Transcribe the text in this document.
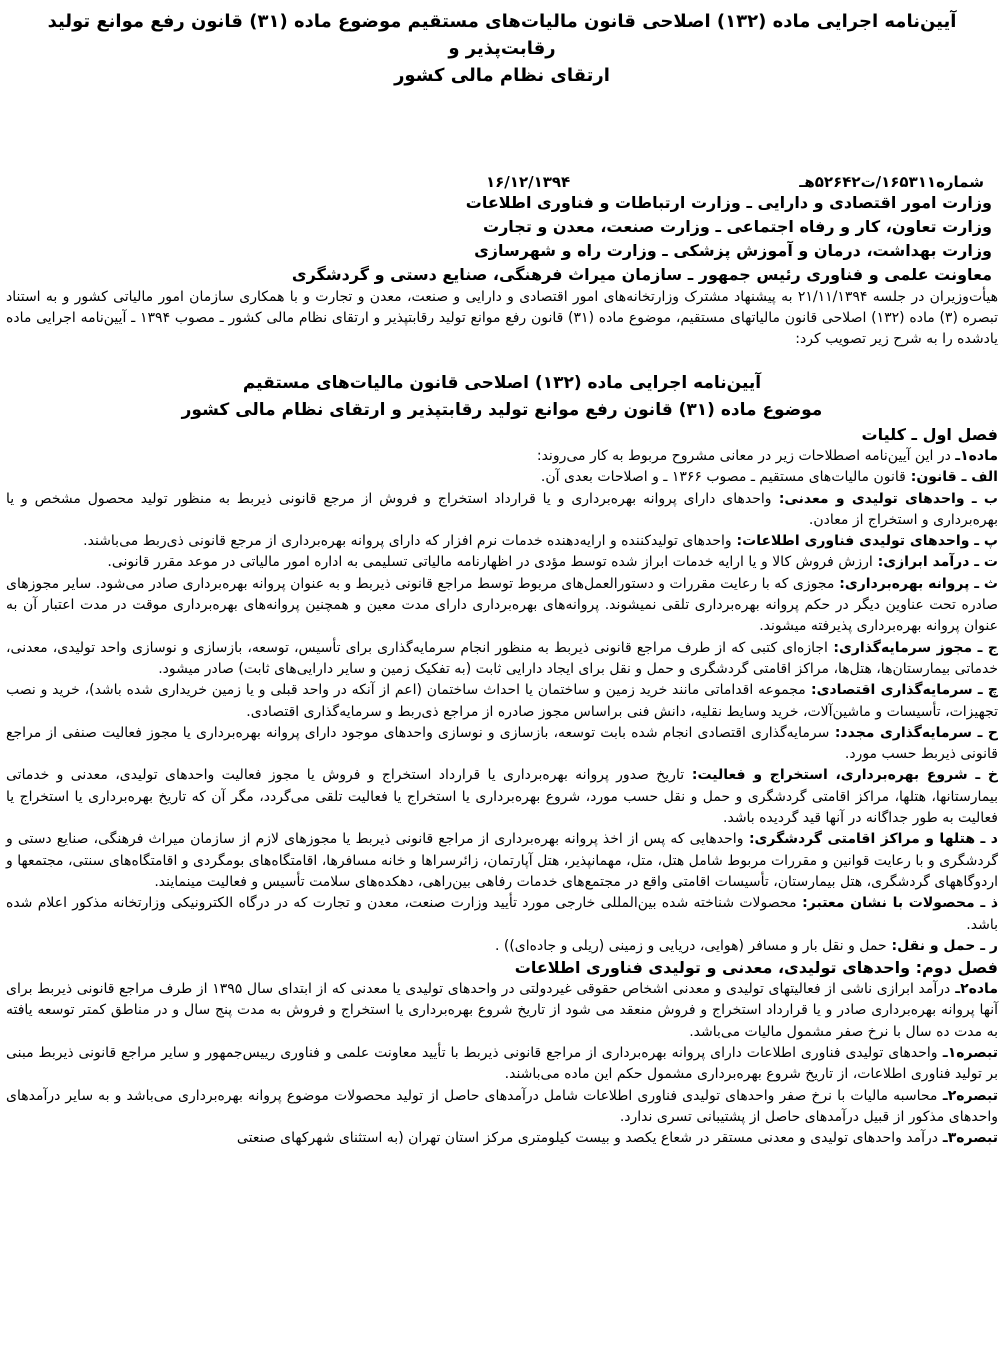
آیین‌نامه اجرایی ماده (۱۳۲) اصلاحی قانون مالیات‌های مستقیم موضوع ماده (۳۱) قانون رفع موانع تولید رقابت‌پذیر و
ارتقای نظام مالی کشور
شماره۱۶۵۳۱۱/ت۵۲۶۴۲هـ
۱۶/۱۲/۱۳۹۴
وزارت امور اقتصادی و دارایی ـ وزارت ارتباطات و فناوری اطلاعات
وزارت تعاون، کار و رفاه اجتماعی ـ وزارت صنعت، معدن و تجارت
وزارت بهداشت، درمان و آموزش پزشکی ـ وزارت راه و شهرسازی
معاونت علمی و فناوری رئیس جمهور ـ سازمان میراث فرهنگی، صنایع دستی و گردشگری
هیأت‌وزیران در جلسه ۲۱/۱۱/۱۳۹۴ به پیشنهاد مشترک وزارتخانه‌های امور اقتصادی و دارایی و صنعت، معدن و تجارت و با همکاری سازمان امور مالیاتی کشور و به استناد تبصره (۳) ماده (۱۳۲) اصلاحی قانون مالیاتهای مستقیم، موضوع ماده (۳۱) قانون رفع موانع تولید رقابتپذیر و ارتقای نظام مالی کشور ـ مصوب ۱۳۹۴ ـ آیین‌نامه اجرایی ماده یادشده را به شرح زیر تصویب کرد:
آیین‌نامه اجرایی ماده (۱۳۲) اصلاحی قانون مالیات‌های مستقیم
موضوع ماده (۳۱) قانون رفع موانع تولید رقابتپذیر و ارتقای نظام مالی کشور
فصل اول ـ کلیات
ماده۱ـ در این آیین‌نامه اصطلاحات زیر در معانی مشروح مربوط به کار می‌روند:
الف ـ قانون: قانون مالیات‌های مستقیم ـ مصوب ۱۳۶۶ ـ و اصلاحات بعدی آن.
ب ـ واحدهای تولیدی و معدنی: واحدهای دارای پروانه بهره‌برداری و یا قرارداد استخراج و فروش از مرجع قانونی ذیربط به منظور تولید محصول مشخص و یا بهره‌برداری و استخراج از معادن.
پ ـ واحدهای تولیدی فناوری اطلاعات: واحدهای تولیدکننده و ارایه‌دهنده خدمات نرم افزار که دارای پروانه بهره‌برداری از مرجع قانونی ذی‌ربط می‌باشند.
ت ـ درآمد ابرازی: ارزش فروش کالا و یا ارایه خدمات ابراز شده توسط مؤدی در اظهارنامه مالیاتی تسلیمی به اداره امور مالیاتی در موعد مقرر قانونی.
ث ـ پروانه بهره‌برداری: مجوزی که با رعایت مقررات و دستورالعمل‌های مربوط توسط مراجع قانونی ذیربط و به عنوان پروانه بهره‌برداری صادر می‌شود. سایر مجوزهای صادره تحت عناوین دیگر در حکم پروانه بهره‌برداری تلقی نمیشوند. پروانه‌های بهره‌برداری دارای مدت معین و همچنین پروانه‌های بهره‌برداری موقت در مدت اعتبار آن به عنوان پروانه بهره‌برداری پذیرفته میشوند.
ج ـ مجوز سرمایه‌گذاری: اجازه‌ای کتبی که از طرف مراجع قانونی ذیربط به منظور انجام سرمایه‌گذاری برای تأسیس، توسعه، بازسازی و نوسازی واحد تولیدی، معدنی، خدماتی بیمارستان‌ها، هتل‌ها، مراکز اقامتی گردشگری و حمل و نقل برای ایجاد دارایی ثابت (به تفکیک زمین و سایر دارایی‌های ثابت) صادر میشود.
چ ـ سرمایه‌گذاری اقتصادی: مجموعه اقداماتی مانند خرید زمین و ساختمان یا احداث ساختمان (اعم از آنکه در واحد قبلی و یا زمین خریداری شده باشد)، خرید و نصب تجهیزات، تأسیسات و ماشین‌آلات، خرید وسایط نقلیه، دانش فنی براساس مجوز صادره از مراجع ذی‌ربط و سرمایه‌گذاری اقتصادی.
ح ـ سرمایه‌گذاری مجدد: سرمایه‌گذاری اقتصادی انجام شده بابت توسعه، بازسازی و نوسازی واحدهای موجود دارای پروانه بهره‌برداری یا مجوز فعالیت صنفی از مراجع قانونی ذیربط حسب مورد.
خ ـ شروع بهره‌برداری، استخراج و فعالیت: تاریخ صدور پروانه بهره‌برداری یا قرارداد استخراج و فروش یا مجوز فعالیت واحدهای تولیدی، معدنی و خدماتی بیمارستانها، هتلها، مراکز اقامتی گردشگری و حمل و نقل حسب مورد، شروع بهره‌برداری یا استخراج یا فعالیت تلقی می‌گردد، مگر آن که تاریخ بهره‌برداری یا استخراج یا فعالیت به طور جداگانه در آنها قید گردیده باشد.
د ـ هتلها و مراکز اقامتی گردشگری: واحدهایی که پس از اخذ پروانه بهره‌برداری از مراجع قانونی ذیربط یا مجوزهای لازم از سازمان میراث فرهنگی، صنایع دستی و گردشگری و با رعایت قوانین و مقررات مربوط شامل هتل، متل، مهمانپذیر، هتل آپارتمان، زائرسراها و خانه مسافرها، اقامتگاه‌های بومگردی و اقامتگاه‌های سنتی، مجتمعها و اردوگاههای گردشگری، هتل بیمارستان، تأسیسات اقامتی واقع در مجتمع‌های خدمات رفاهی بین‌راهی، دهکده‌های سلامت تأسیس و فعالیت مینمایند.
ذ ـ محصولات با نشان معتبر: محصولات شناخته شده بین‌المللی خارجی مورد تأیید وزارت صنعت، معدن و تجارت که در درگاه الکترونیکی وزارتخانه مذکور اعلام شده باشد.
ر ـ حمل و نقل: حمل و نقل بار و مسافر (هوایی، دریایی و زمینی (ریلی و جاده‌ای)) .
فصل دوم: واحدهای تولیدی، معدنی و تولیدی فناوری اطلاعات
ماده۲ـ درآمد ابرازی ناشی از فعالیتهای تولیدی و معدنی اشخاص حقوقی غیردولتی در واحدهای تولیدی یا معدنی که از ابتدای سال ۱۳۹۵ از طرف مراجع قانونی ذیربط برای آنها پروانه بهره‌برداری صادر و یا قرارداد استخراج و فروش منعقد می شود از تاریخ شروع بهره‌برداری یا استخراج و فروش به مدت پنج سال و در مناطق کمتر توسعه یافته به مدت ده سال با نرخ صفر مشمول مالیات می‌باشد.
تبصره۱ـ واحدهای تولیدی فناوری اطلاعات دارای پروانه بهره‌برداری از مراجع قانونی ذیربط با تأیید معاونت علمی و فناوری رییس‌جمهور و سایر مراجع قانونی ذیربط مبنی بر تولید فناوری اطلاعات، از تاریخ شروع بهره‌برداری مشمول حکم این ماده می‌باشند.
تبصره۲ـ محاسبه مالیات با نرخ صفر واحدهای تولیدی فناوری اطلاعات شامل درآمدهای حاصل از تولید محصولات موضوع پروانه بهره‌برداری می‌باشد و به سایر درآمدهای واحدهای مذکور از قبیل درآمدهای حاصل از پشتیبانی تسری ندارد.
تبصره۳ـ درآمد واحدهای تولیدی و معدنی مستقر در شعاع یکصد و بیست کیلومتری مرکز استان تهران (به استثنای شهرکهای صنعتی
